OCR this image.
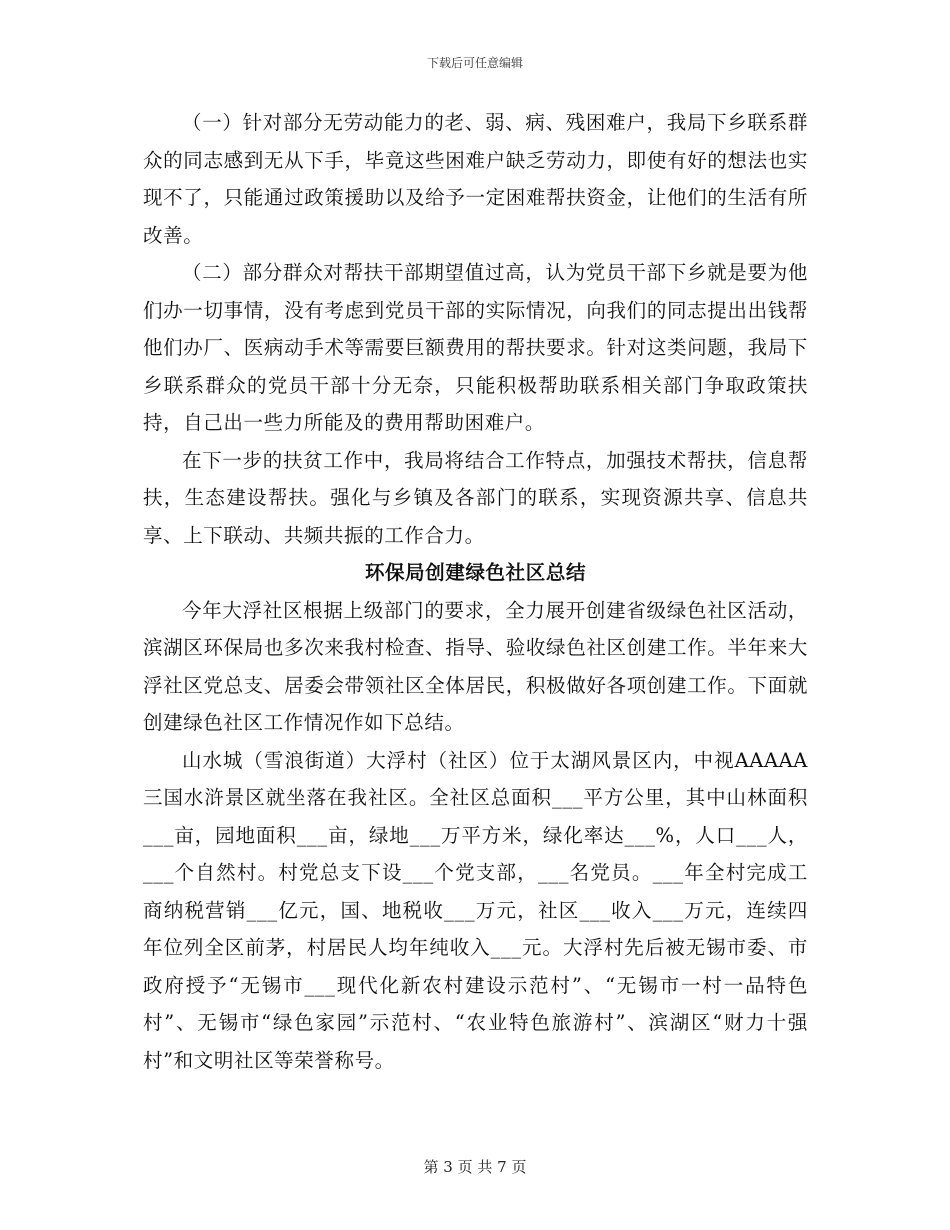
下载后可任意编辑

（一）针对部分无劳动能力的老、弱、病、残困难户，我局下乡联系群众的同志感到无从下手，毕竟这些困难户缺乏劳动力，即使有好的想法也实现不了，只能通过政策援助以及给予一定困难帮扶资金，让他们的生活有所改善。

（二）部分群众对帮扶干部期望值过高，认为党员干部下乡就是要为他们办一切事情，没有考虑到党员干部的实际情况，向我们的同志提出出钱帮他们办厂、医病动手术等需要巨额费用的帮扶要求。针对这类问题，我局下乡联系群众的党员干部十分无奈，只能积极帮助联系相关部门争取政策扶持，自己出一些力所能及的费用帮助困难户。

在下一步的扶贫工作中，我局将结合工作特点，加强技术帮扶，信息帮扶，生态建设帮扶。强化与乡镇及各部门的联系，实现资源共享、信息共享、上下联动、共频共振的工作合力。

环保局创建绿色社区总结

今年大浮社区根据上级部门的要求，全力展开创建省级绿色社区活动，滨湖区环保局也多次来我村检查、指导、验收绿色社区创建工作。半年来大浮社区党总支、居委会带领社区全体居民，积极做好各项创建工作。下面就创建绿色社区工作情况作如下总结。

山水城（雪浪街道）大浮村（社区）位于太湖风景区内，中视AAAAA三国水浒景区就坐落在我社区。全社区总面积___平方公里，其中山林面积___亩，园地面积___亩，绿地___万平方米，绿化率达___%，人口___人，___个自然村。村党总支下设___个党支部，___名党员。___年全村完成工商纳税营销___亿元，国、地税收___万元，社区___收入___万元，连续四年位列全区前茅，村居民人均年纯收入___元。大浮村先后被无锡市委、市政府授予“无锡市___现代化新农村建设示范村”、“无锡市一村一品特色村”、无锡市“绿色家园”示范村、“农业特色旅游村”、滨湖区“财力十强村”和文明社区等荣誉称号。

第 3 页 共 7 页
